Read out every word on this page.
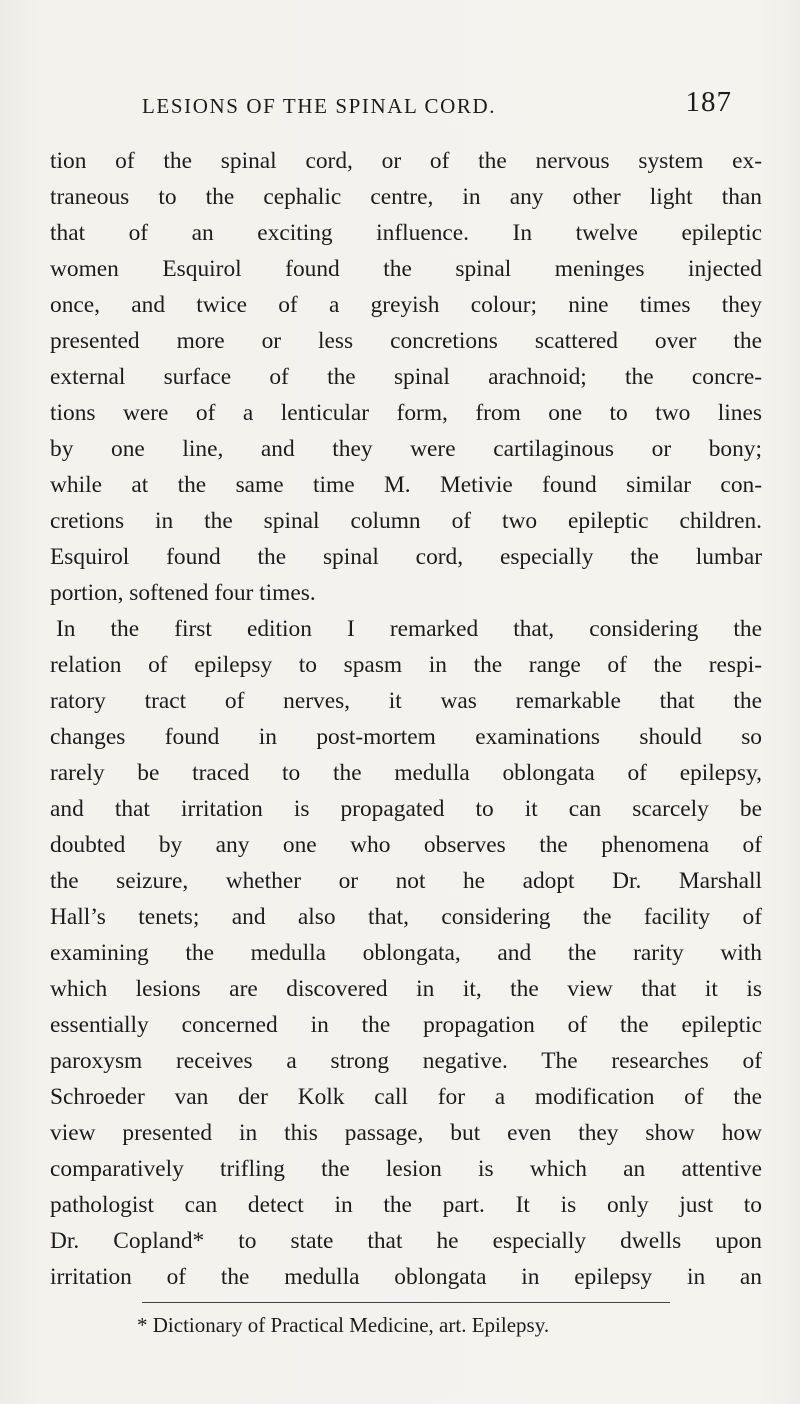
LESIONS OF THE SPINAL CORD.	187
tion of the spinal cord, or of the nervous system ex-
traneous to the cephalic centre, in any other light than
that of an exciting influence. In twelve epileptic
women Esquirol found the spinal meninges injected
once, and twice of a greyish colour; nine times they
presented more or less concretions scattered over the
external surface of the spinal arachnoid; the concre-
tions were of a lenticular form, from one to two lines
by one line, and they were cartilaginous or bony;
while at the same time M. Metivie found similar con-
cretions in the spinal column of two epileptic children.
Esquirol found the spinal cord, especially the lumbar
portion, softened four times.
In the first edition I remarked that, considering the
relation of epilepsy to spasm in the range of the respi-
ratory tract of nerves, it was remarkable that the
changes found in post-mortem examinations should so
rarely be traced to the medulla oblongata of epilepsy,
and that irritation is propagated to it can scarcely be
doubted by any one who observes the phenomena of
the seizure, whether or not he adopt Dr. Marshall
Hall’s tenets; and also that, considering the facility of
examining the medulla oblongata, and the rarity with
which lesions are discovered in it, the view that it is
essentially concerned in the propagation of the epileptic
paroxysm receives a strong negative. The researches of
Schroeder van der Kolk call for a modification of the
view presented in this passage, but even they show how
comparatively trifling the lesion is which an attentive
pathologist can detect in the part. It is only just to
Dr. Copland* to state that he especially dwells upon
irritation of the medulla oblongata in epilepsy in an
* Dictionary of Practical Medicine, art. Epilepsy.
